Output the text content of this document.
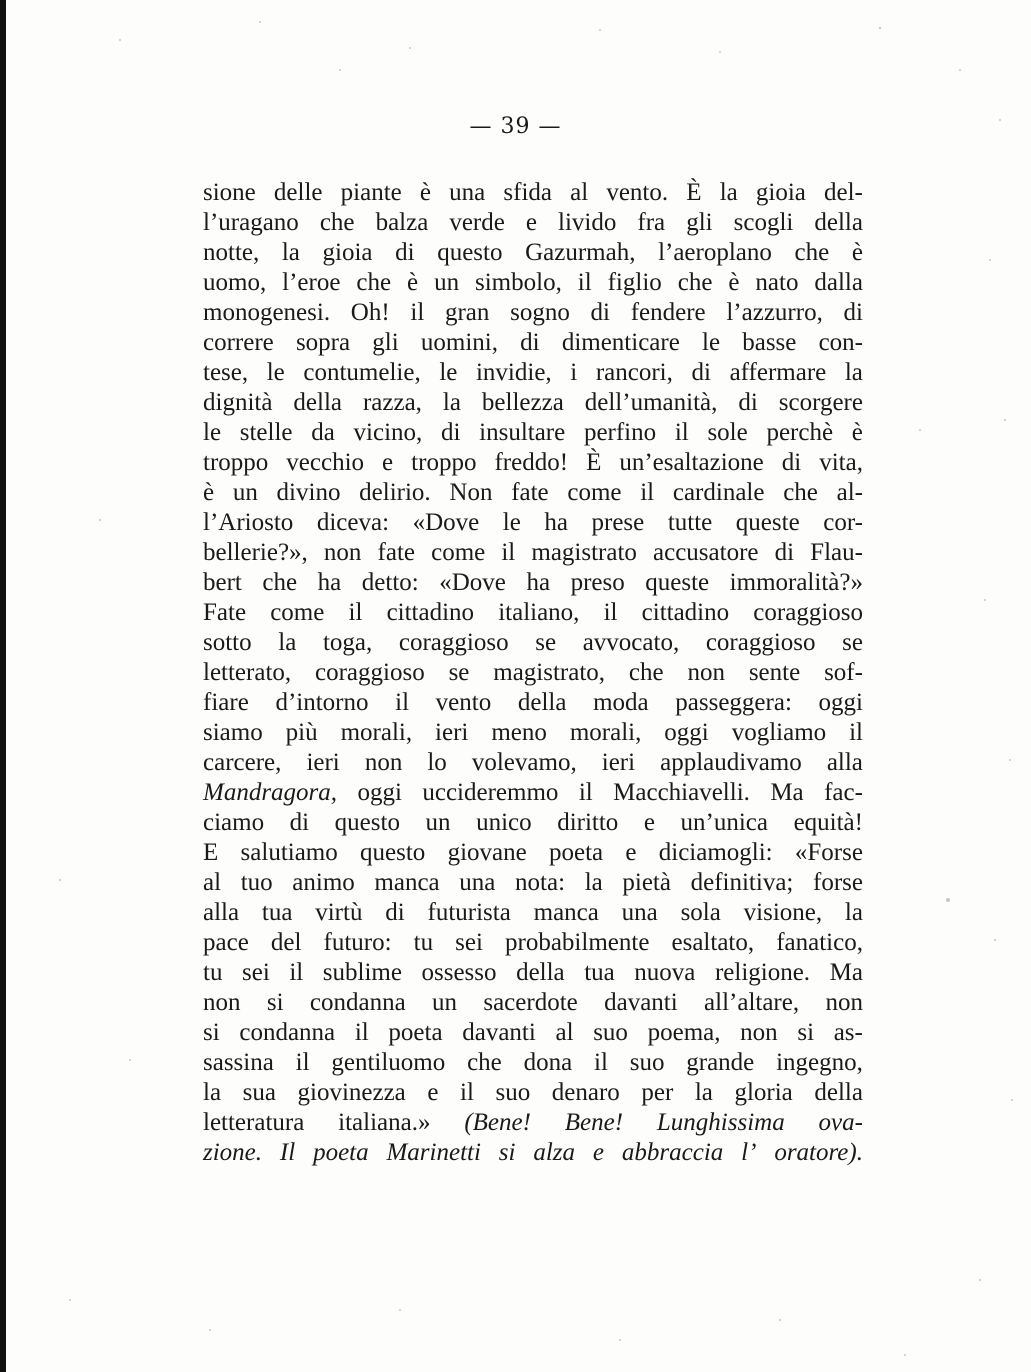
— 39 —
sione delle piante è una sfida al vento. È la gioia del-
l’uragano che balza verde e livido fra gli scogli della
notte, la gioia di questo Gazurmah, l’aeroplano che è
uomo, l’eroe che è un simbolo, il figlio che è nato dalla
monogenesi. Oh! il gran sogno di fendere l’azzurro, di
correre sopra gli uomini, di dimenticare le basse con-
tese, le contumelie, le invidie, i rancori, di affermare la
dignità della razza, la bellezza dell’umanità, di scorgere
le stelle da vicino, di insultare perfino il sole perchè è
troppo vecchio e troppo freddo! È un’esaltazione di vita,
è un divino delirio. Non fate come il cardinale che al-
l’Ariosto diceva: «Dove le ha prese tutte queste cor-
bellerie?», non fate come il magistrato accusatore di Flau-
bert che ha detto: «Dove ha preso queste immoralità?»
Fate come il cittadino italiano, il cittadino coraggioso
sotto la toga, coraggioso se avvocato, coraggioso se
letterato, coraggioso se magistrato, che non sente sof-
fiare d’intorno il vento della moda passeggera: oggi
siamo più morali, ieri meno morali, oggi vogliamo il
carcere, ieri non lo volevamo, ieri applaudivamo alla
Mandragora, oggi uccideremmo il Macchiavelli. Ma fac-
ciamo di questo un unico diritto e un’unica equità!
E salutiamo questo giovane poeta e diciamogli: «Forse
al tuo animo manca una nota: la pietà definitiva; forse
alla tua virtù di futurista manca una sola visione, la
pace del futuro: tu sei probabilmente esaltato, fanatico,
tu sei il sublime ossesso della tua nuova religione. Ma
non si condanna un sacerdote davanti all’altare, non
si condanna il poeta davanti al suo poema, non si as-
sassina il gentiluomo che dona il suo grande ingegno,
la sua giovinezza e il suo denaro per la gloria della
letteratura italiana.» (Bene! Bene! Lunghissima ova-
zione. Il poeta Marinetti si alza e abbraccia l’ oratore).
